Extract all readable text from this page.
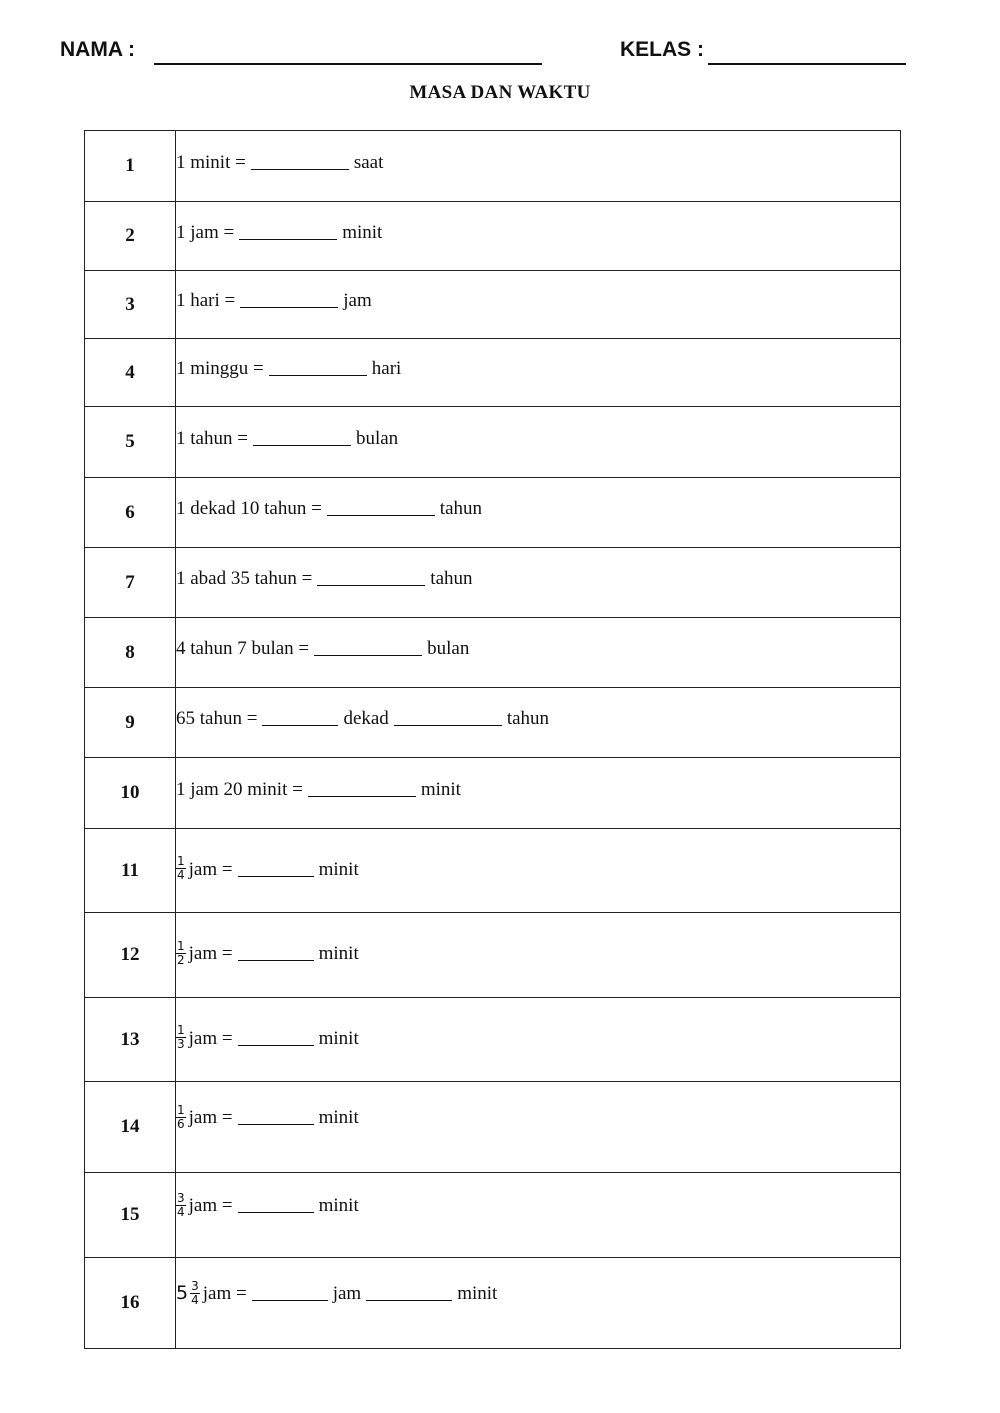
NAMA :	KELAS :
MASA DAN WAKTU
1	1 minit = saat
2	1 jam = minit
3	1 hari = jam
4	1 minggu = hari
5	1 tahun = bulan
6	1 dekad 10 tahun = tahun
7	1 abad 35 tahun = tahun
8	4 tahun 7 bulan = bulan
9	65 tahun = dekad tahun
10	1 jam 20 minit = minit
11	$\frac{1}{4}$ jam = minit
12	$\frac{1}{2}$ jam = minit
13	$\frac{1}{3}$ jam = minit
14	$\frac{1}{6}$ jam = minit
15	$\frac{3}{4}$ jam = minit
16	$5 \frac{3}{4}$ jam = jam minit
